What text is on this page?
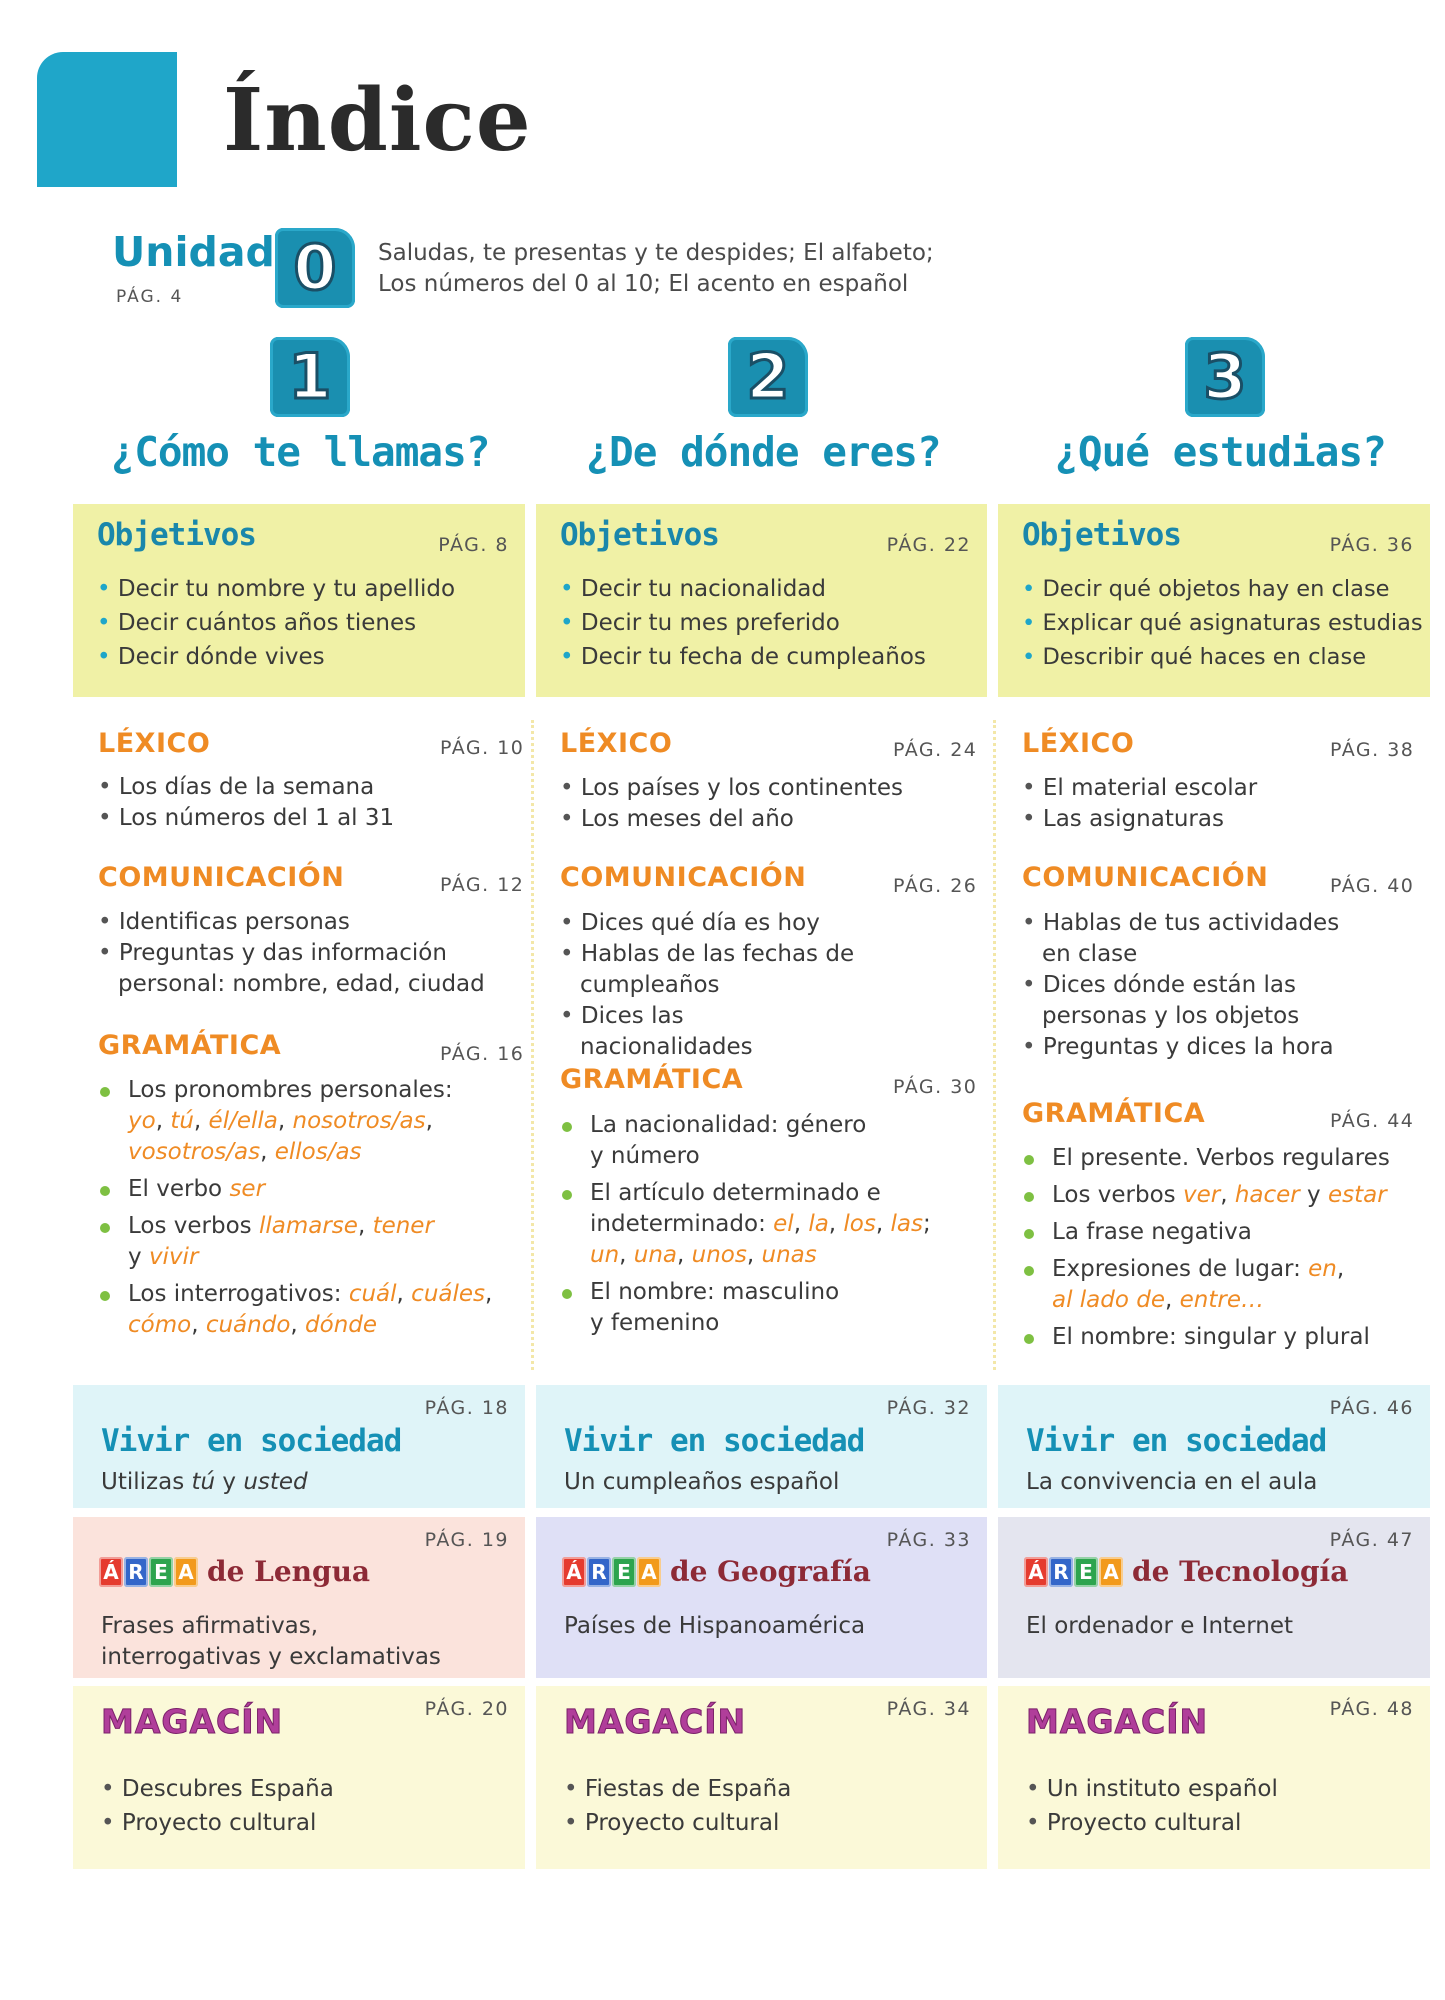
Índice
Unidad
PÁG. 4 0	Saludas, te presentas y te despides; El alfabeto;
Los números del 0 al 10; El acento en español
1	2	3
¿Cómo te llamas?	¿De dónde eres?	¿Qué estudias?
Objetivos	PÁG. 8
• Decir tu nombre y tu apellido
• Decir cuántos años tienes
• Decir dónde vives
Objetivos	PÁG. 22
• Decir tu nacionalidad
• Decir tu mes preferido
• Decir tu fecha de cumpleaños
Objetivos	PÁG. 36
• Decir qué objetos hay en clase
• Explicar qué asignaturas estudias
• Describir qué haces en clase
LÉXICO	PÁG. 10
• Los días de la semana
• Los números del 1 al 31
COMUNICACIÓN	PÁG. 12
• Identificas personas
• Preguntas y das información personal: nombre, edad, ciudad
GRAMÁTICA	PÁG. 16
Los pronombres personales:
yo, tú, él/ella, nosotros/as,
vosotros/as, ellos/as
El verbo ser
Los verbos llamarse, tener
y vivir
Los interrogativos: cuál, cuáles,
cómo, cuándo, dónde
LÉXICO	PÁG. 24
• Los países y los continentes
• Los meses del año
COMUNICACIÓN	PÁG. 26
• Dices qué día es hoy
• Hablas de las fechas de cumpleaños
• Dices las nacionalidades
GRAMÁTICA	PÁG. 30
La nacionalidad: género y número
El artículo determinado e indeterminado: el, la, los, las;
un, una, unos, unas
El nombre: masculino y femenino
LÉXICO	PÁG. 38
• El material escolar
• Las asignaturas
COMUNICACIÓN	PÁG. 40
• Hablas de tus actividades en clase
• Dices dónde están las personas y los objetos
• Preguntas y dices la hora
GRAMÁTICA	PÁG. 44
El presente. Verbos regulares
Los verbos ver, hacer y estar
La frase negativa
Expresiones de lugar: en,
al lado de, entre…
El nombre: singular y plural
PÁG. 18
Vivir en sociedad
Utilizas tú y usted
PÁG. 32
Vivir en sociedad
Un cumpleaños español
PÁG. 46
Vivir en sociedad
La convivencia en el aula
PÁG. 19
Á R E A de Lengua
Frases afirmativas, interrogativas y exclamativas
PÁG. 33
Á R E A de Geografía
Países de Hispanoamérica
PÁG. 47
Á R E A de Tecnología
El ordenador e Internet
PÁG. 20
MAGACÍN
• Descubres España
• Proyecto cultural
PÁG. 34
MAGACÍN
• Fiestas de España
• Proyecto cultural
PÁG. 48
MAGACÍN
• Un instituto español
• Proyecto cultural
